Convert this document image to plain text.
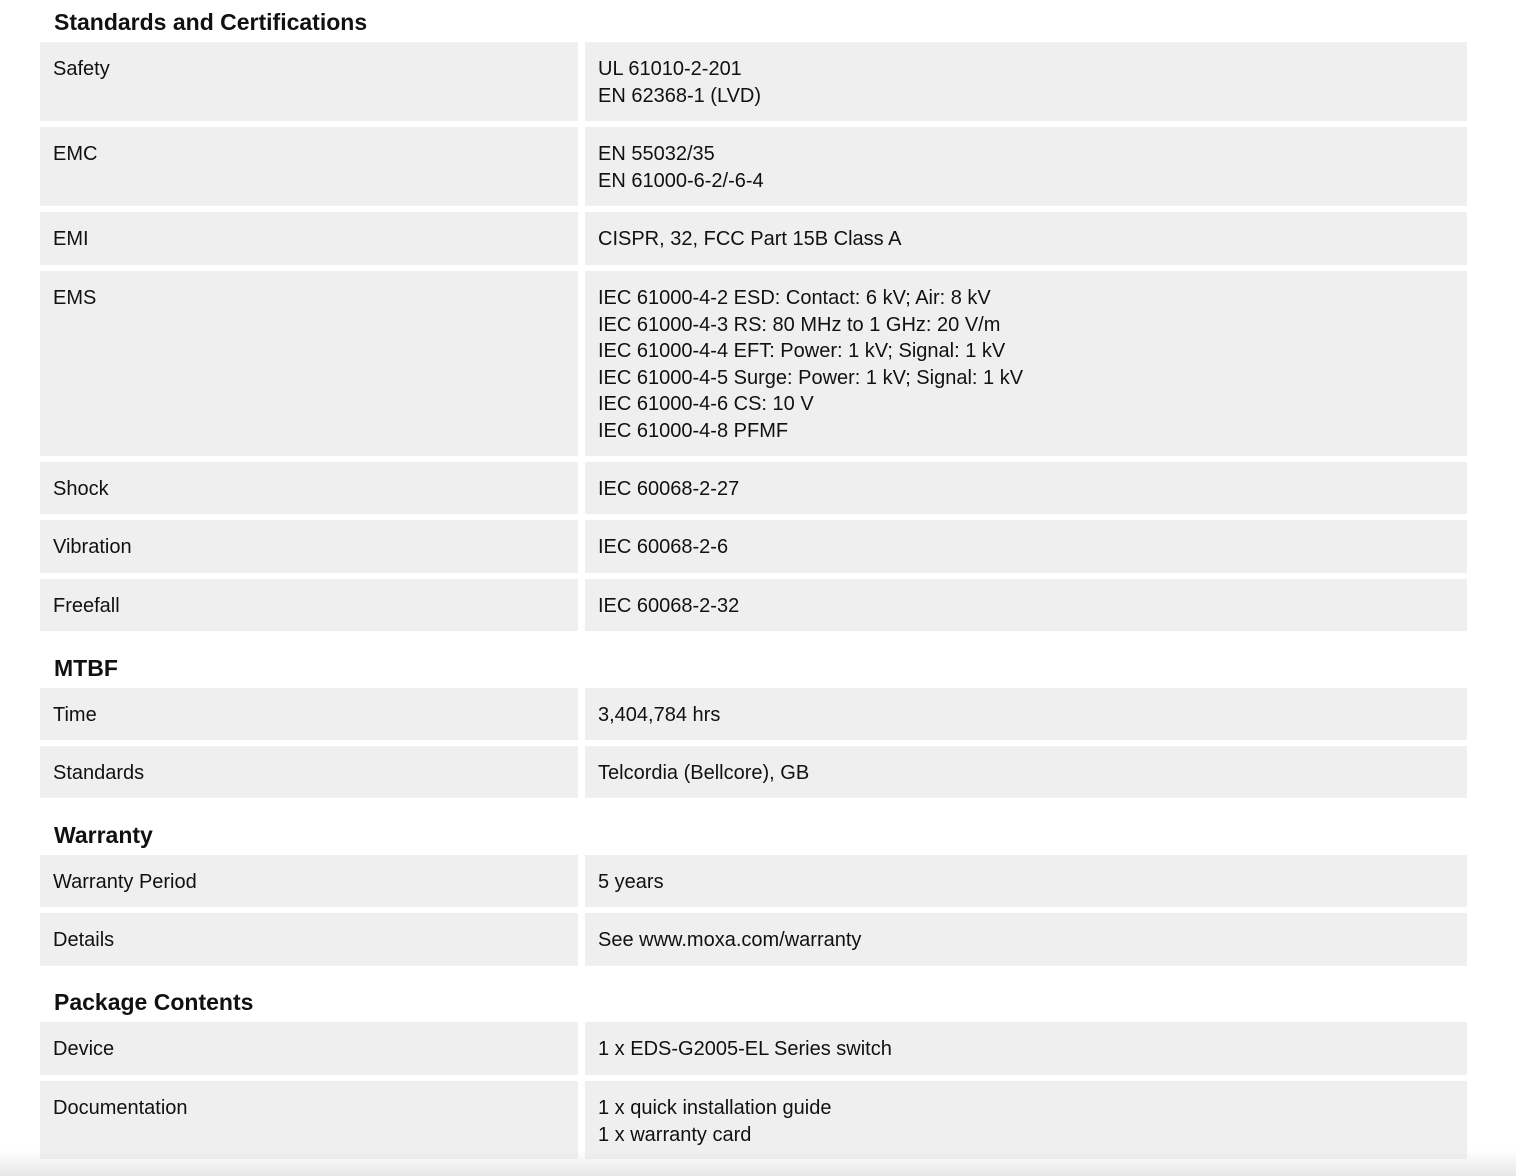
Standards and Certifications
Safety	UL 61010-2-201
EN 62368-1 (LVD)
EMC	EN 55032/35
EN 61000-6-2/-6-4
EMI	CISPR, 32, FCC Part 15B Class A
EMS	IEC 61000-4-2 ESD: Contact: 6 kV; Air: 8 kV
IEC 61000-4-3 RS: 80 MHz to 1 GHz: 20 V/m
IEC 61000-4-4 EFT: Power: 1 kV; Signal: 1 kV
IEC 61000-4-5 Surge: Power: 1 kV; Signal: 1 kV
IEC 61000-4-6 CS: 10 V
IEC 61000-4-8 PFMF
Shock	IEC 60068-2-27
Vibration	IEC 60068-2-6
Freefall	IEC 60068-2-32
MTBF
Time	3,404,784 hrs
Standards	Telcordia (Bellcore), GB
Warranty
Warranty Period	5 years
Details	See www.moxa.com/warranty
Package Contents
Device	1 x EDS-G2005-EL Series switch
Documentation	1 x quick installation guide
1 x warranty card
